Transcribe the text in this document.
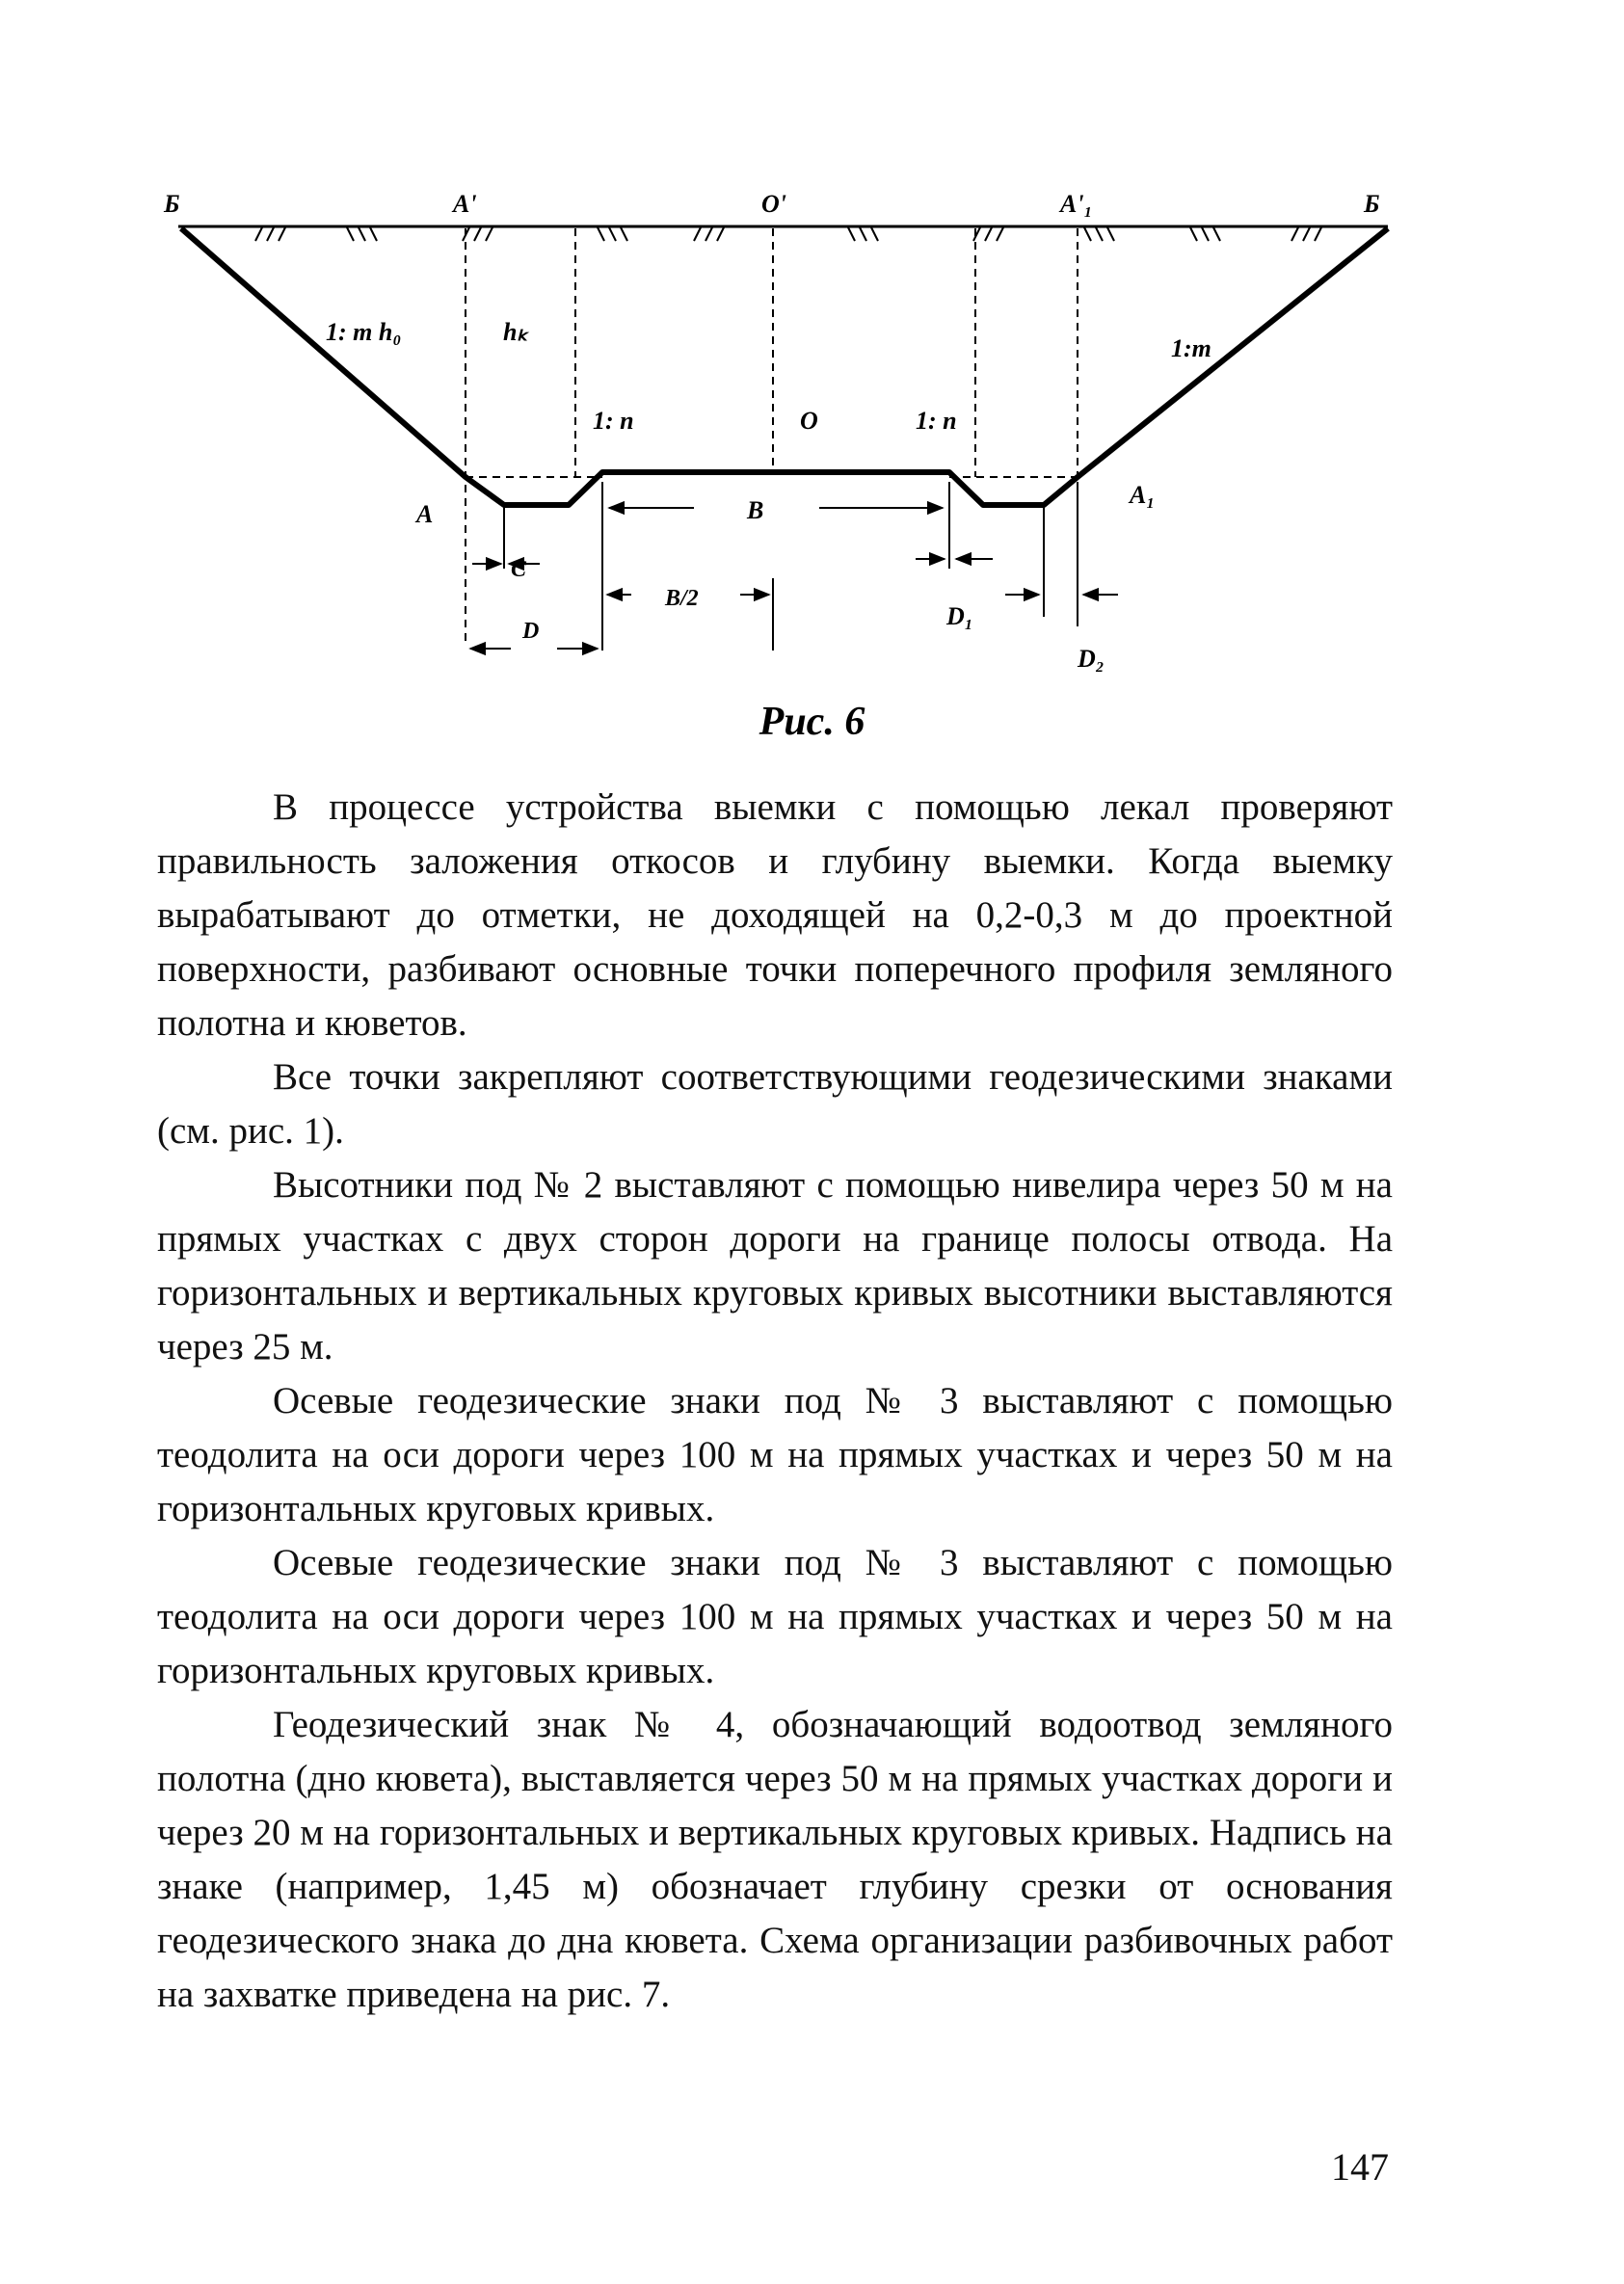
Б	A'	O'	A'₁	Б
1: m h₀	hₖ
1:m
1: n	O	1: n
A	B
A₁
C
B/2
D
D₁
D₂
Рис. 6

В процессе устройства выемки с помощью лекал проверяют правильность заложения откосов и глубину выемки. Когда выемку вырабатывают до отметки, не доходящей на 0,2-0,3 м до проектной поверхности, разбивают основные точки поперечного профиля земляного полотна и кюветов.

Все точки закрепляют соответствующими геодезическими знаками (см. рис. 1).

Высотники под № 2 выставляют с помощью нивелира через 50 м на прямых участках с двух сторон дороги на границе полосы отвода. На горизонтальных и вертикальных круговых кривых высотники выставляются через 25 м.

Осевые геодезические знаки под № 3 выставляют с помощью теодолита на оси дороги через 100 м на прямых участках и через 50 м на горизонтальных круговых кривых.

Осевые геодезические знаки под № 3 выставляют с помощью теодолита на оси дороги через 100 м на прямых участках и через 50 м на горизонтальных круговых кривых.

Геодезический знак № 4, обозначающий водоотвод земляного полотна (дно кювета), выставляется через 50 м на прямых участках дороги и через 20 м на горизонтальных и вертикальных круговых кривых. Надпись на знаке (например, 1,45 м) обозначает глубину срезки от основания геодезического знака до дна кювета. Схема организации разбивочных работ на захватке приведена на рис. 7.

147
